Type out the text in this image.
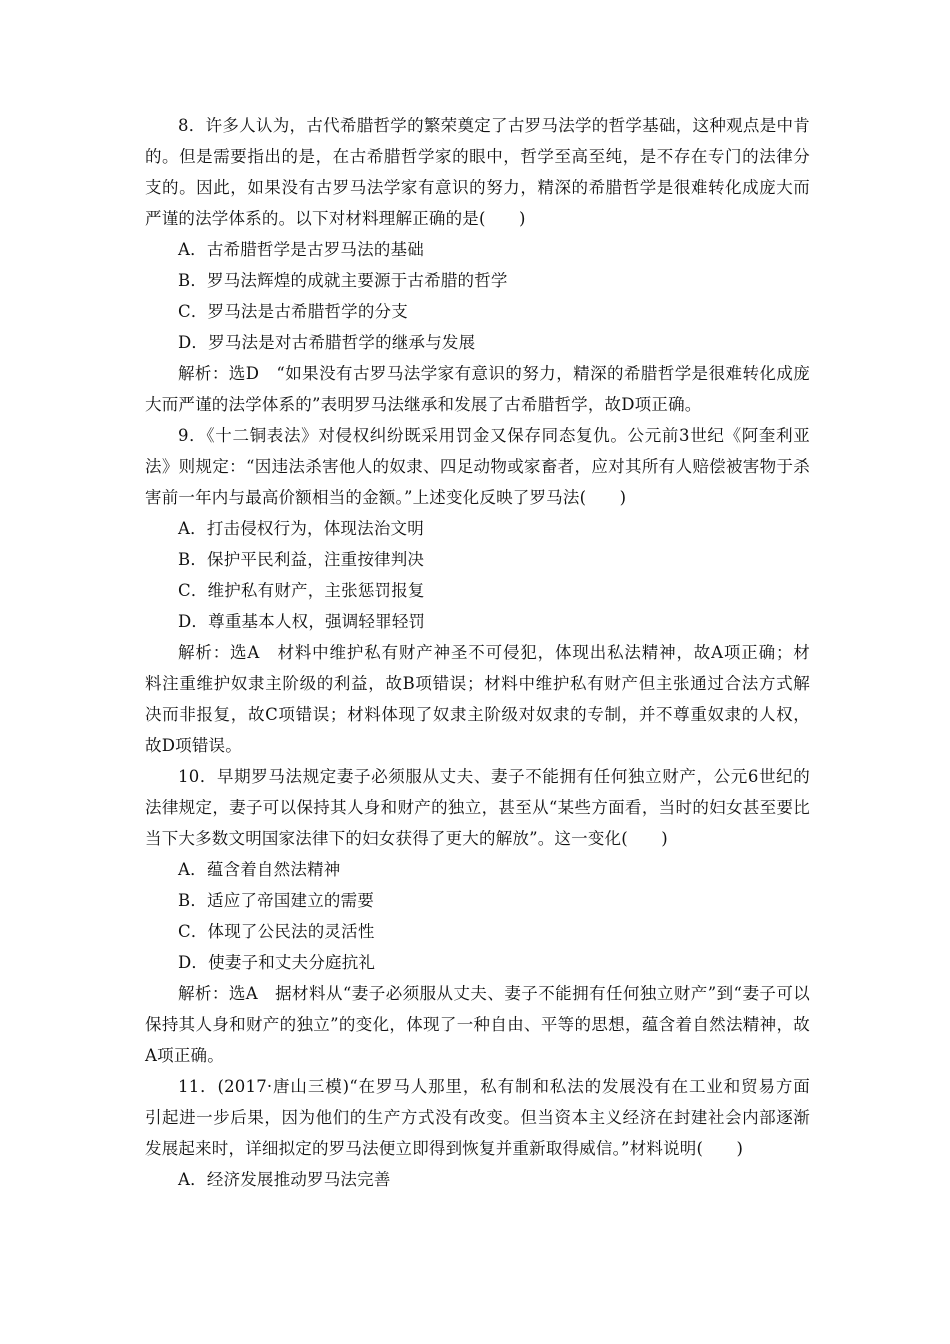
8．许多人认为，古代希腊哲学的繁荣奠定了古罗马法学的哲学基础，这种观点是中肯
的。但是需要指出的是，在古希腊哲学家的眼中，哲学至高至纯，是不存在专门的法律分
支的。因此，如果没有古罗马法学家有意识的努力，精深的希腊哲学是很难转化成庞大而
严谨的法学体系的。以下对材料理解正确的是(　　)
A．古希腊哲学是古罗马法的基础
B．罗马法辉煌的成就主要源于古希腊的哲学
C．罗马法是古希腊哲学的分支
D．罗马法是对古希腊哲学的继承与发展
解析：选D　“如果没有古罗马法学家有意识的努力，精深的希腊哲学是很难转化成庞
大而严谨的法学体系的”表明罗马法继承和发展了古希腊哲学，故D项正确。
9．《十二铜表法》对侵权纠纷既采用罚金又保存同态复仇。公元前3世纪《阿奎利亚
法》则规定：“因违法杀害他人的奴隶、四足动物或家畜者，应对其所有人赔偿被害物于杀
害前一年内与最高价额相当的金额。”上述变化反映了罗马法(　　)
A．打击侵权行为，体现法治文明
B．保护平民利益，注重按律判决
C．维护私有财产，主张惩罚报复
D．尊重基本人权，强调轻罪轻罚
解析：选A　材料中维护私有财产神圣不可侵犯，体现出私法精神，故A项正确；材
料注重维护奴隶主阶级的利益，故B项错误；材料中维护私有财产但主张通过合法方式解
决而非报复，故C项错误；材料体现了奴隶主阶级对奴隶的专制，并不尊重奴隶的人权，
故D项错误。
10．早期罗马法规定妻子必须服从丈夫、妻子不能拥有任何独立财产，公元6世纪的
法律规定，妻子可以保持其人身和财产的独立，甚至从“某些方面看，当时的妇女甚至要比
当下大多数文明国家法律下的妇女获得了更大的解放”。这一变化(　　)
A．蕴含着自然法精神
B．适应了帝国建立的需要
C．体现了公民法的灵活性
D．使妻子和丈夫分庭抗礼
解析：选A　据材料从“妻子必须服从丈夫、妻子不能拥有任何独立财产”到“妻子可以
保持其人身和财产的独立”的变化，体现了一种自由、平等的思想，蕴含着自然法精神，故
A项正确。
11．(2017·唐山三模)“在罗马人那里，私有制和私法的发展没有在工业和贸易方面
引起进一步后果，因为他们的生产方式没有改变。但当资本主义经济在封建社会内部逐渐
发展起来时，详细拟定的罗马法便立即得到恢复并重新取得威信。”材料说明(　　)
A．经济发展推动罗马法完善
